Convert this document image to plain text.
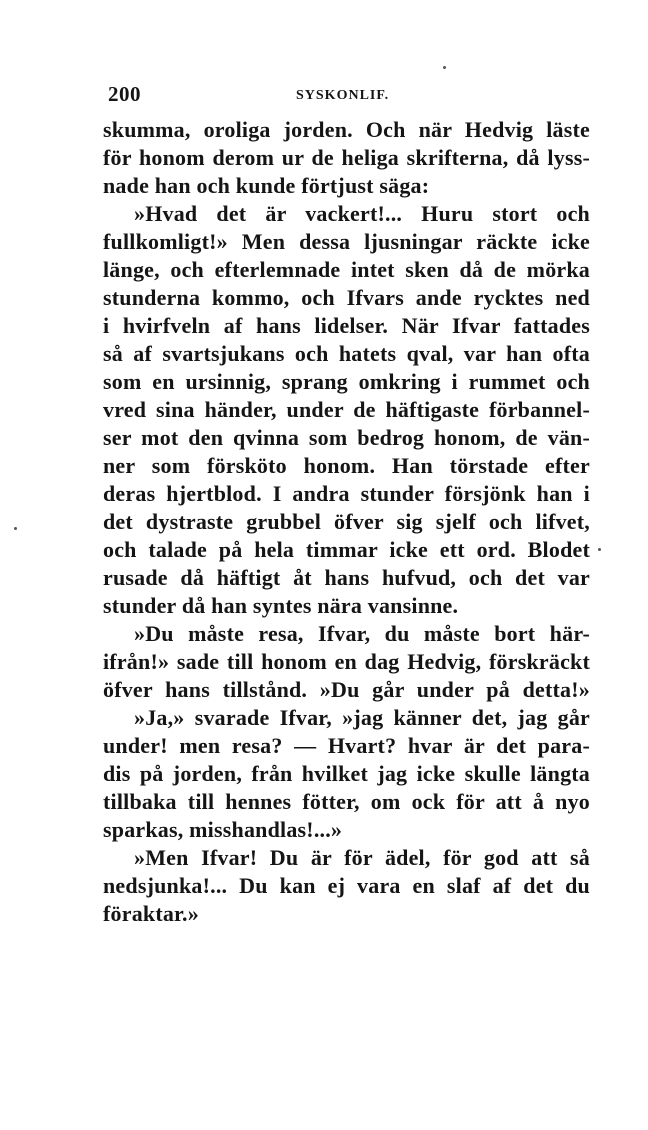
200	SYSKONLIF.
skumma, oroliga jorden. Och när Hedvig läste
för honom derom ur de heliga skrifterna, då lyss-
nade han och kunde förtjust säga:
»Hvad det är vackert!... Huru stort och
fullkomligt!» Men dessa ljusningar räckte icke
länge, och efterlemnade intet sken då de mörka
stunderna kommo, och Ifvars ande rycktes ned
i hvirfveln af hans lidelser. När Ifvar fattades
så af svartsjukans och hatets qval, var han ofta
som en ursinnig, sprang omkring i rummet och
vred sina händer, under de häftigaste förbannel-
ser mot den qvinna som bedrog honom, de vän-
ner som försköto honom. Han törstade efter
deras hjertblod. I andra stunder försjönk han i
det dystraste grubbel öfver sig sjelf och lifvet,
och talade på hela timmar icke ett ord. Blodet
rusade då häftigt åt hans hufvud, och det var
stunder då han syntes nära vansinne.
»Du måste resa, Ifvar, du måste bort här-
ifrån!» sade till honom en dag Hedvig, förskräckt
öfver hans tillstånd. »Du går under på detta!»
»Ja,» svarade Ifvar, »jag känner det, jag går
under! men resa? — Hvart? hvar är det para-
dis på jorden, från hvilket jag icke skulle längta
tillbaka till hennes fötter, om ock för att å nyo
sparkas, misshandlas!...»
»Men Ifvar! Du är för ädel, för god att så
nedsjunka!... Du kan ej vara en slaf af det du
föraktar.»
